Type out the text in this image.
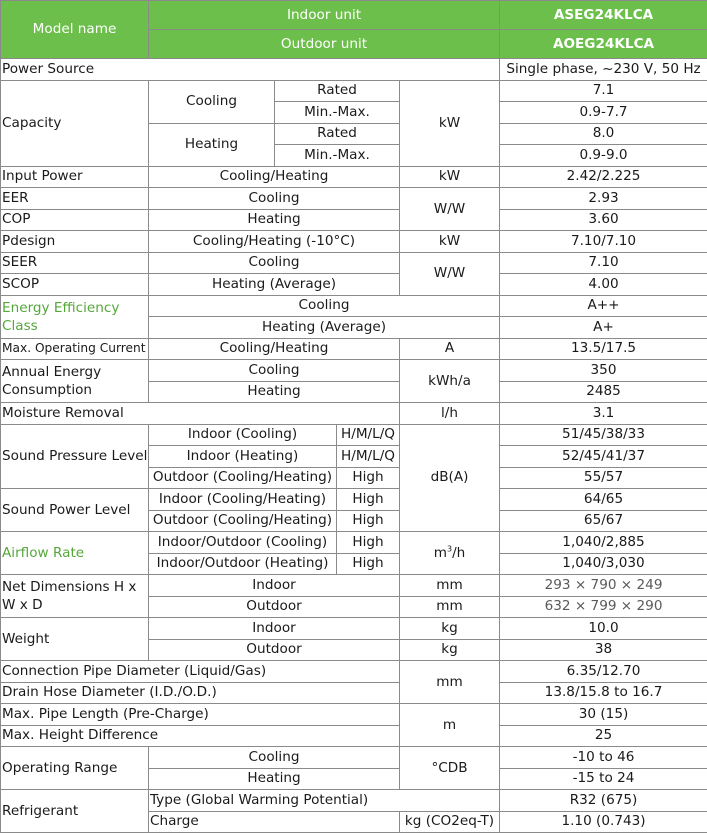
Model name	Indoor unit				ASEG24KLCA
	Outdoor unit				AOEG24KLCA
Power Source					Single phase, ~230 V, 50 Hz
Capacity	Cooling	Rated		kW	7.1
		Min.-Max.			0.9-7.7
	Heating	Rated			8.0
		Min.-Max.			0.9-9.0
Input Power	Cooling/Heating			kW	2.42/2.225
EER	Cooling			W/W	2.93
COP	Heating				3.60
Pdesign	Cooling/Heating (-10°C)			kW	7.10/7.10
SEER	Cooling			W/W	7.10
SCOP	Heating (Average)				4.00
Energy Efficiency Class	Cooling				A++
	Heating (Average)				A+
Max. Operating Current	Cooling/Heating			A	13.5/17.5
Annual Energy Consumption	Cooling			kWh/a	350
	Heating				2485
Moisture Removal				l/h	3.1
Sound Pressure Level	Indoor (Cooling)		H/M/L/Q	dB(A)	51/45/38/33
	Indoor (Heating)		H/M/L/Q		52/45/41/37
	Outdoor (Cooling/Heating)		High		55/57
Sound Power Level	Indoor (Cooling/Heating)		High		64/65
	Outdoor (Cooling/Heating)		High		65/67
Airflow Rate	Indoor/Outdoor (Cooling)		High	$m^3/h$	1,040/2,885
	Indoor/Outdoor (Heating)		High		1,040/3,030
Net Dimensions H x W x D	Indoor			mm	293 × 790 × 249
	Outdoor			mm	632 × 799 × 290
Weight	Indoor			kg	10.0
	Outdoor			kg	38
Connection Pipe Diameter (Liquid/Gas)				mm	6.35/12.70
Drain Hose Diameter (I.D./O.D.)					13.8/15.8 to 16.7
Max. Pipe Length (Pre-Charge)				m	30 (15)
Max. Height Difference					25
Operating Range	Cooling			°CDB	-10 to 46
	Heating				-15 to 24
Refrigerant	Type (Global Warming Potential)				R32 (675)
	Charge			kg (CO2eq-T)	1.10 (0.743)
